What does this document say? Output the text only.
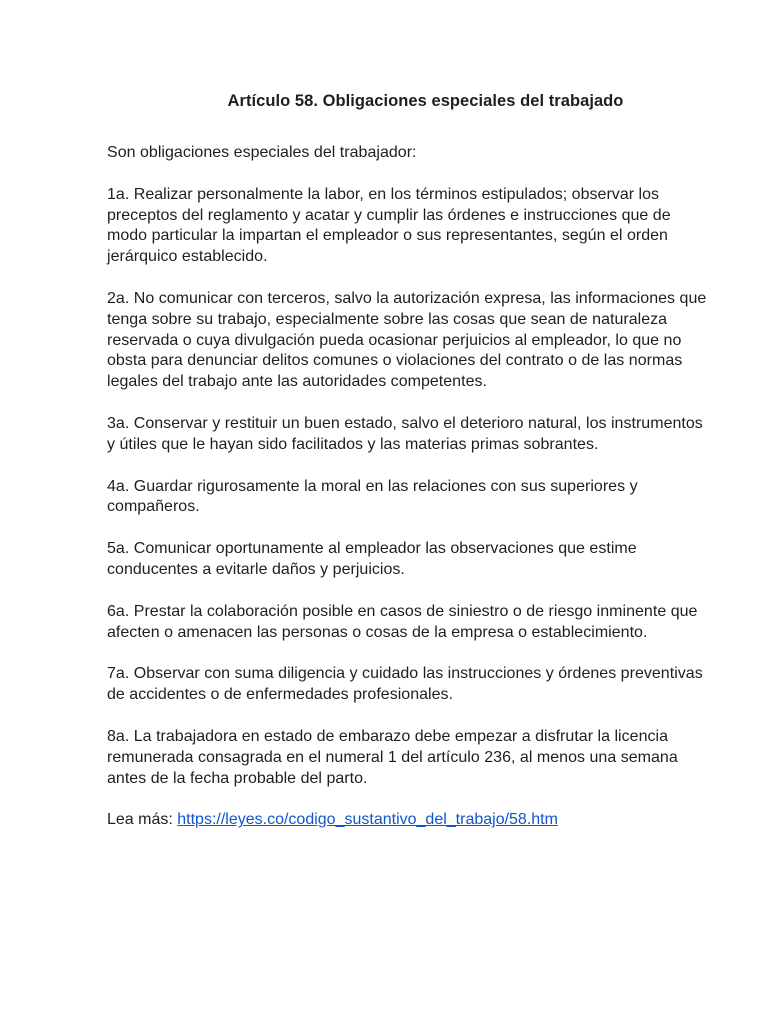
Artículo 58. Obligaciones especiales del trabajado
Son obligaciones especiales del trabajador:
1a. Realizar personalmente la labor, en los términos estipulados; observar los preceptos del reglamento y acatar y cumplir las órdenes e instrucciones que de modo particular la impartan el empleador o sus representantes, según el orden jerárquico establecido.
2a. No comunicar con terceros, salvo la autorización expresa, las informaciones que tenga sobre su trabajo, especialmente sobre las cosas que sean de naturaleza reservada o cuya divulgación pueda ocasionar perjuicios al empleador, lo que no obsta para denunciar delitos comunes o violaciones del contrato o de las normas legales del trabajo ante las autoridades competentes.
3a. Conservar y restituir un buen estado, salvo el deterioro natural, los instrumentos y útiles que le hayan sido facilitados y las materias primas sobrantes.
4a. Guardar rigurosamente la moral en las relaciones con sus superiores y compañeros.
5a. Comunicar oportunamente al empleador las observaciones que estime conducentes a evitarle daños y perjuicios.
6a. Prestar la colaboración posible en casos de siniestro o de riesgo inminente que afecten o amenacen las personas o cosas de la empresa o establecimiento.
7a. Observar con suma diligencia y cuidado las instrucciones y órdenes preventivas de accidentes o de enfermedades profesionales.
8a. La trabajadora en estado de embarazo debe empezar a disfrutar la licencia remunerada consagrada en el numeral 1 del artículo 236, al menos una semana antes de la fecha probable del parto.
Lea más: https://leyes.co/codigo_sustantivo_del_trabajo/58.htm
